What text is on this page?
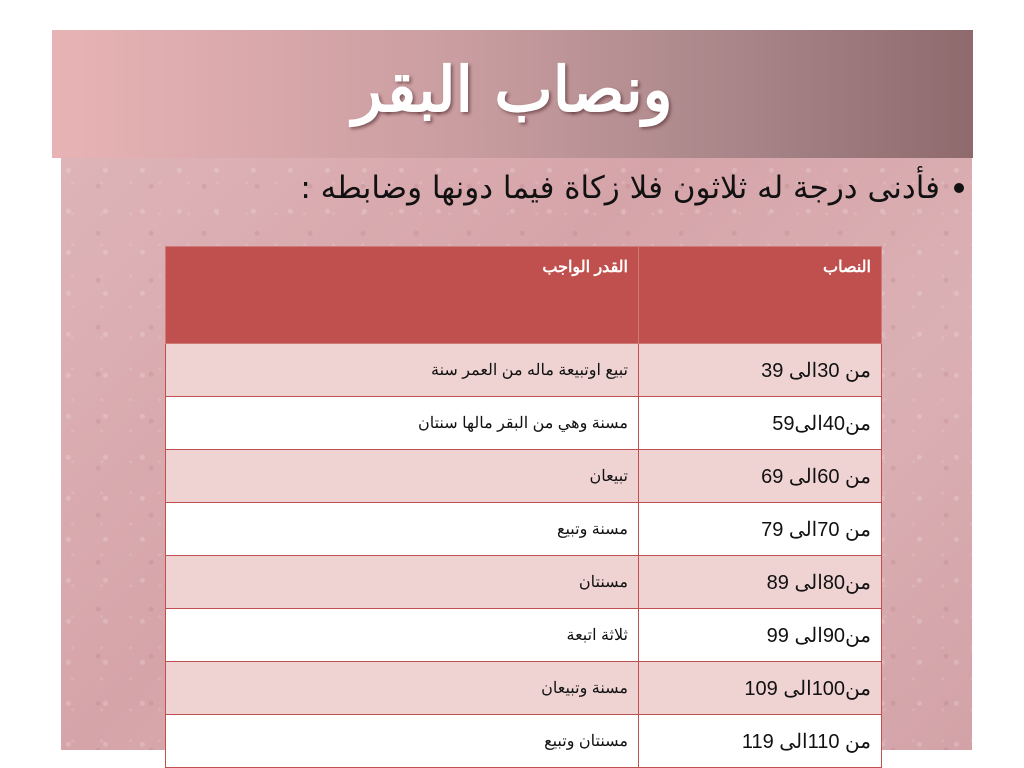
ونصاب البقر
فأدنى درجة له ثلاثون فلا زكاة فيما دونها وضابطه :
النصاب	القدر الواجب
من 30الى 39	تبيع اوتبيعة ماله من العمر سنة
من40الى59	مسنة وهي من البقر مالها سنتان
من 60الى 69	تبيعان
من 70الى 79	مسنة وتبيع
من80الى 89	مسنتان
من90الى 99	ثلاثة اتبعة
من100الى 109	مسنة وتبيعان
من 110الى 119	مسنتان وتبيع
